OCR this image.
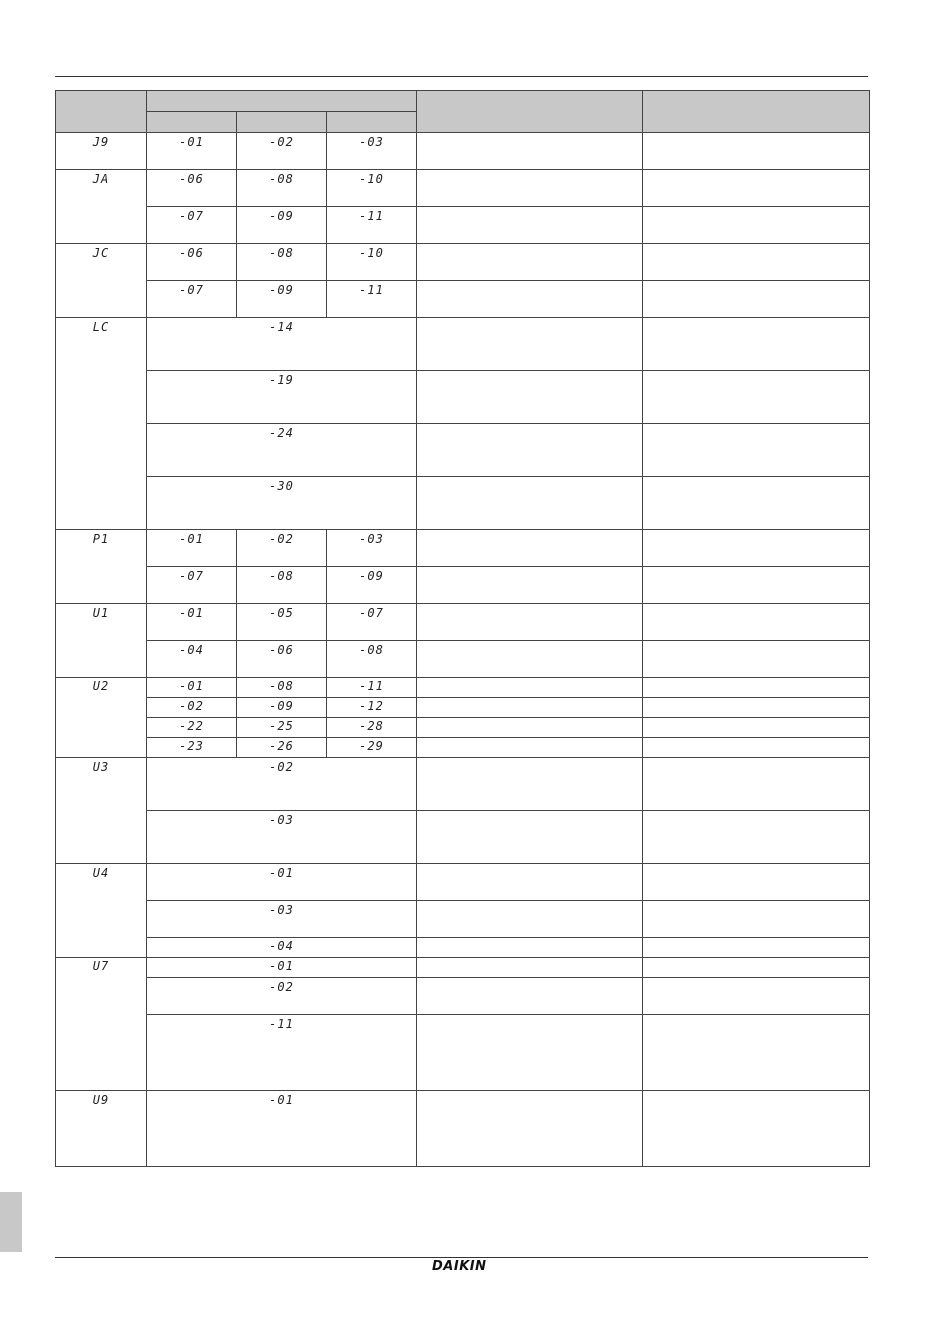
J9	-01	-02	-03		
JA	-06	-08	-10		
	-07	-09	-11		
JC	-06	-08	-10		
	-07	-09	-11		
LC	-14				
	-19				
	-24				
	-30				
P1	-01	-02	-03		
	-07	-08	-09		
U1	-01	-05	-07		
	-04	-06	-08		
U2	-01	-08	-11		
	-02	-09	-12		
	-22	-25	-28		
	-23	-26	-29		
U3	-02				
	-03				
U4	-01				
	-03				
	-04				
U7	-01				
	-02				
	-11				
U9	-01				
DAIKIN
